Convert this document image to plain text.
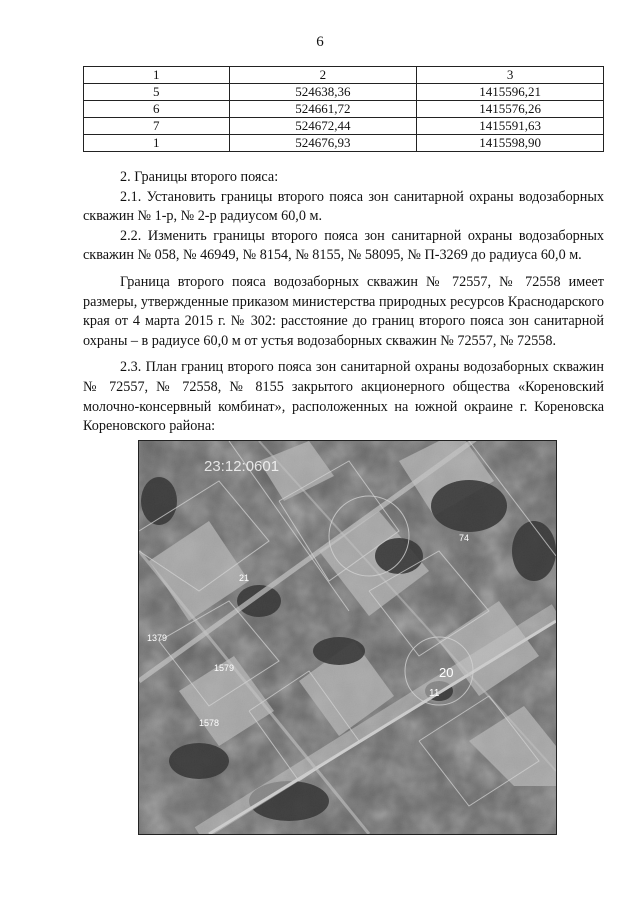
6
1	2	3
5	524638,36	1415596,21
6	524661,72	1415576,26
7	524672,44	1415591,63
1	524676,93	1415598,90

2. Границы второго пояса:

2.1. Установить границы второго пояса зон санитарной охраны водозаборных скважин № 1-р, № 2-р радиусом 60,0 м.

2.2. Изменить границы второго пояса зон санитарной охраны водозаборных скважин № 058, № 46949, № 8154, № 8155, № 58095, № П-3269 до радиуса 60,0 м.

Граница второго пояса водозаборных скважин № 72557, № 72558 имеет размеры, утвержденные приказом министерства природных ресурсов Краснодарского края от 4 марта 2015 г. № 302: расстояние до границ второго пояса зон санитарной охраны – в радиусе 60,0 м от устья водозаборных скважин № 72557, № 72558.

2.3. План границ второго пояса зон санитарной охраны водозаборных скважин № 72557, № 72558, № 8155 закрытого акционерного общества «Кореновский молочно-консервный комбинат», расположенных на южной окраине г. Кореновска Кореновского района:

23:12:0601
1379
1579
1578
20
11
21
74
